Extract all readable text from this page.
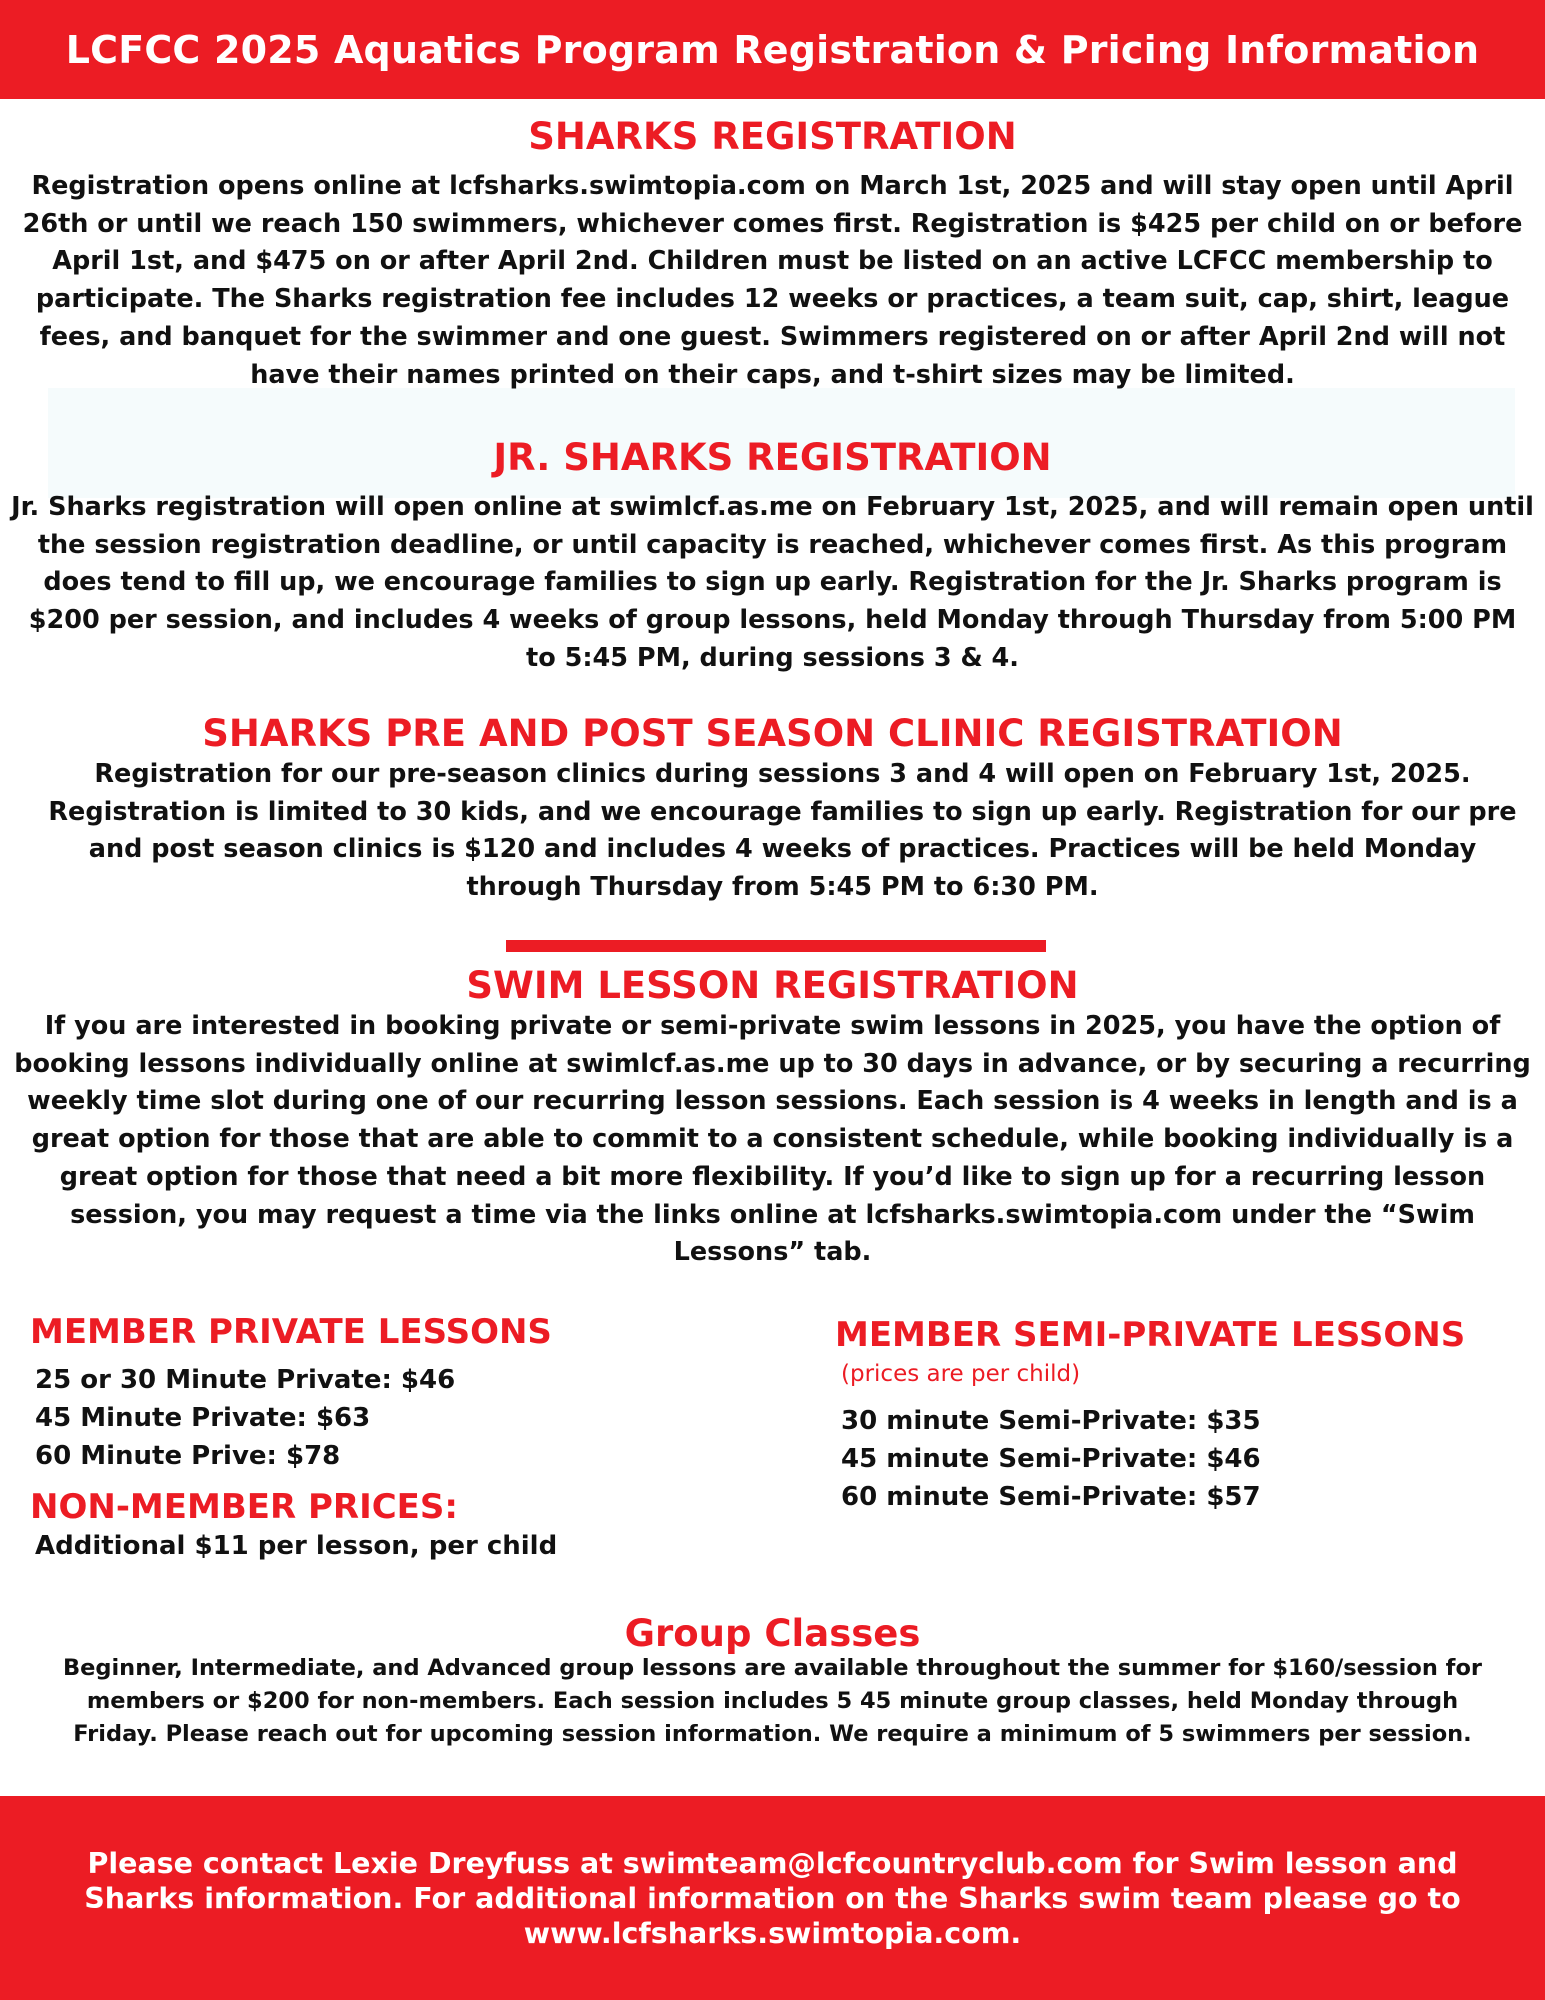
LCFCC 2025 Aquatics Program Registration & Pricing Information
SHARKS REGISTRATION

Registration opens online at lcfsharks.swimtopia.com on March 1st, 2025 and will stay open until April 26th or until we reach 150 swimmers, whichever comes first. Registration is $425 per child on or before April 1st, and $475 on or after April 2nd. Children must be listed on an active LCFCC membership to participate. The Sharks registration fee includes 12 weeks or practices, a team suit, cap, shirt, league fees, and banquet for the swimmer and one guest. Swimmers registered on or after April 2nd will not have their names printed on their caps, and t-shirt sizes may be limited.

JR. SHARKS REGISTRATION

Jr. Sharks registration will open online at swimlcf.as.me on February 1st, 2025, and will remain open until the session registration deadline, or until capacity is reached, whichever comes first. As this program does tend to fill up, we encourage families to sign up early. Registration for the Jr. Sharks program is $200 per session, and includes 4 weeks of group lessons, held Monday through Thursday from 5:00 PM to 5:45 PM, during sessions 3 & 4.

SHARKS PRE AND POST SEASON CLINIC REGISTRATION

Registration for our pre-season clinics during sessions 3 and 4 will open on February 1st, 2025. Registration is limited to 30 kids, and we encourage families to sign up early. Registration for our pre and post season clinics is $120 and includes 4 weeks of practices. Practices will be held Monday through Thursday from 5:45 PM to 6:30 PM.

SWIM LESSON REGISTRATION

If you are interested in booking private or semi-private swim lessons in 2025, you have the option of booking lessons individually online at swimlcf.as.me up to 30 days in advance, or by securing a recurring weekly time slot during one of our recurring lesson sessions. Each session is 4 weeks in length and is a great option for those that are able to commit to a consistent schedule, while booking individually is a great option for those that need a bit more flexibility. If you’d like to sign up for a recurring lesson session, you may request a time via the links online at lcfsharks.swimtopia.com under the “Swim Lessons” tab.

MEMBER PRIVATE LESSONS
25 or 30 Minute Private: $46
45 Minute Private: $63
60 Minute Prive: $78
NON-MEMBER PRICES:
Additional $11 per lesson, per child
MEMBER SEMI-PRIVATE LESSONS
(prices are per child)
30 minute Semi-Private: $35
45 minute Semi-Private: $46
60 minute Semi-Private: $57
Group Classes

Beginner, Intermediate, and Advanced group lessons are available throughout the summer for $160/session for members or $200 for non-members. Each session includes 5 45 minute group classes, held Monday through Friday. Please reach out for upcoming session information. We require a minimum of 5 swimmers per session.

Please contact Lexie Dreyfuss at swimteam@lcfcountryclub.com for Swim lesson and Sharks information. For additional information on the Sharks swim team please go to www.lcfsharks.swimtopia.com.
